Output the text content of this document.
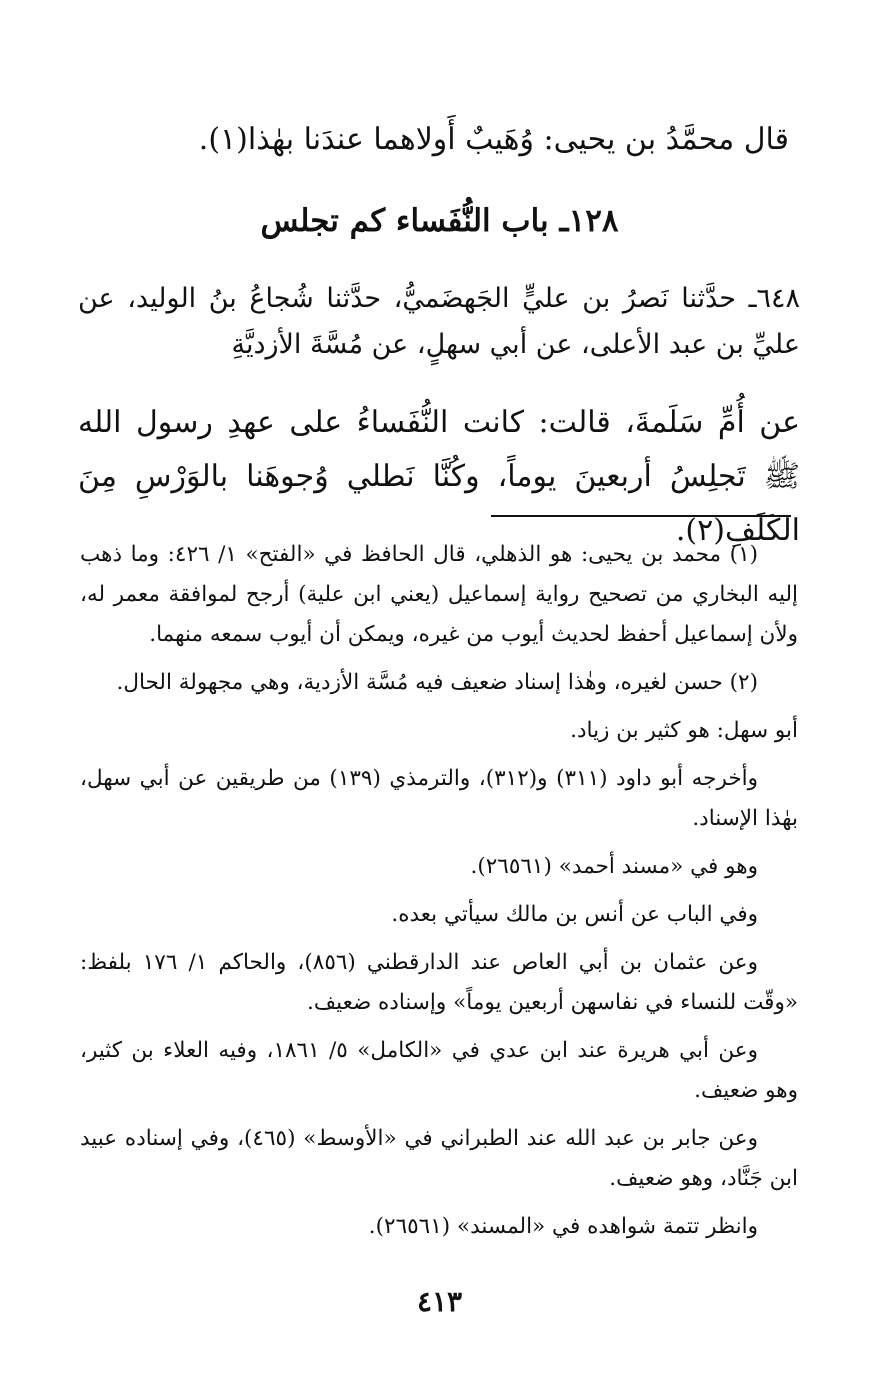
قال محمَّدُ بن يحيى: وُهَيبٌ أَولاهما عندَنا بهٰذا(١).
١٢٨ـ باب النُّفَساء كم تجلس
٦٤٨ـ حدَّثنا نَصرُ بن عليٍّ الجَهضَميُّ، حدَّثنا شُجاعُ بنُ الوليد، عن عليِّ بن عبد الأعلى، عن أبي سهلٍ، عن مُسَّةَ الأزديَّةِ
عن أُمِّ سَلَمةَ، قالت: كانت النُّفَساءُ على عهدِ رسول الله ﷺ تَجلِسُ أربعينَ يوماً، وكُنَّا نَطلي وُجوهَنا بالوَرْسِ مِنَ الكَلَفِ(٢).

(١) محمد بن يحيى: هو الذهلي، قال الحافظ في «الفتح» ١/ ٤٢٦: وما ذهب إليه البخاري من تصحيح رواية إسماعيل (يعني ابن علية) أرجح لموافقة معمر له، ولأن إسماعيل أحفظ لحديث أيوب من غيره، ويمكن أن أيوب سمعه منهما.

(٢) حسن لغيره، وهٰذا إسناد ضعيف فيه مُسَّة الأزدية، وهي مجهولة الحال.

أبو سهل: هو كثير بن زياد.

وأخرجه أبو داود (٣١١) و(٣١٢)، والترمذي (١٣٩) من طريقين عن أبي سهل، بهٰذا الإسناد.

وهو في «مسند أحمد» (٢٦٥٦١).

وفي الباب عن أنس بن مالك سيأتي بعده.

وعن عثمان بن أبي العاص عند الدارقطني (٨٥٦)، والحاكم ١/ ١٧٦ بلفظ: «وقّت للنساء في نفاسهن أربعين يوماً» وإسناده ضعيف.

وعن أبي هريرة عند ابن عدي في «الكامل» ٥/ ١٨٦١، وفيه العلاء بن كثير، وهو ضعيف.

وعن جابر بن عبد الله عند الطبراني في «الأوسط» (٤٦٥)، وفي إسناده عبيد ابن جَنَّاد، وهو ضعيف.

وانظر تتمة شواهده في «المسند» (٢٦٥٦١).

٤١٣
